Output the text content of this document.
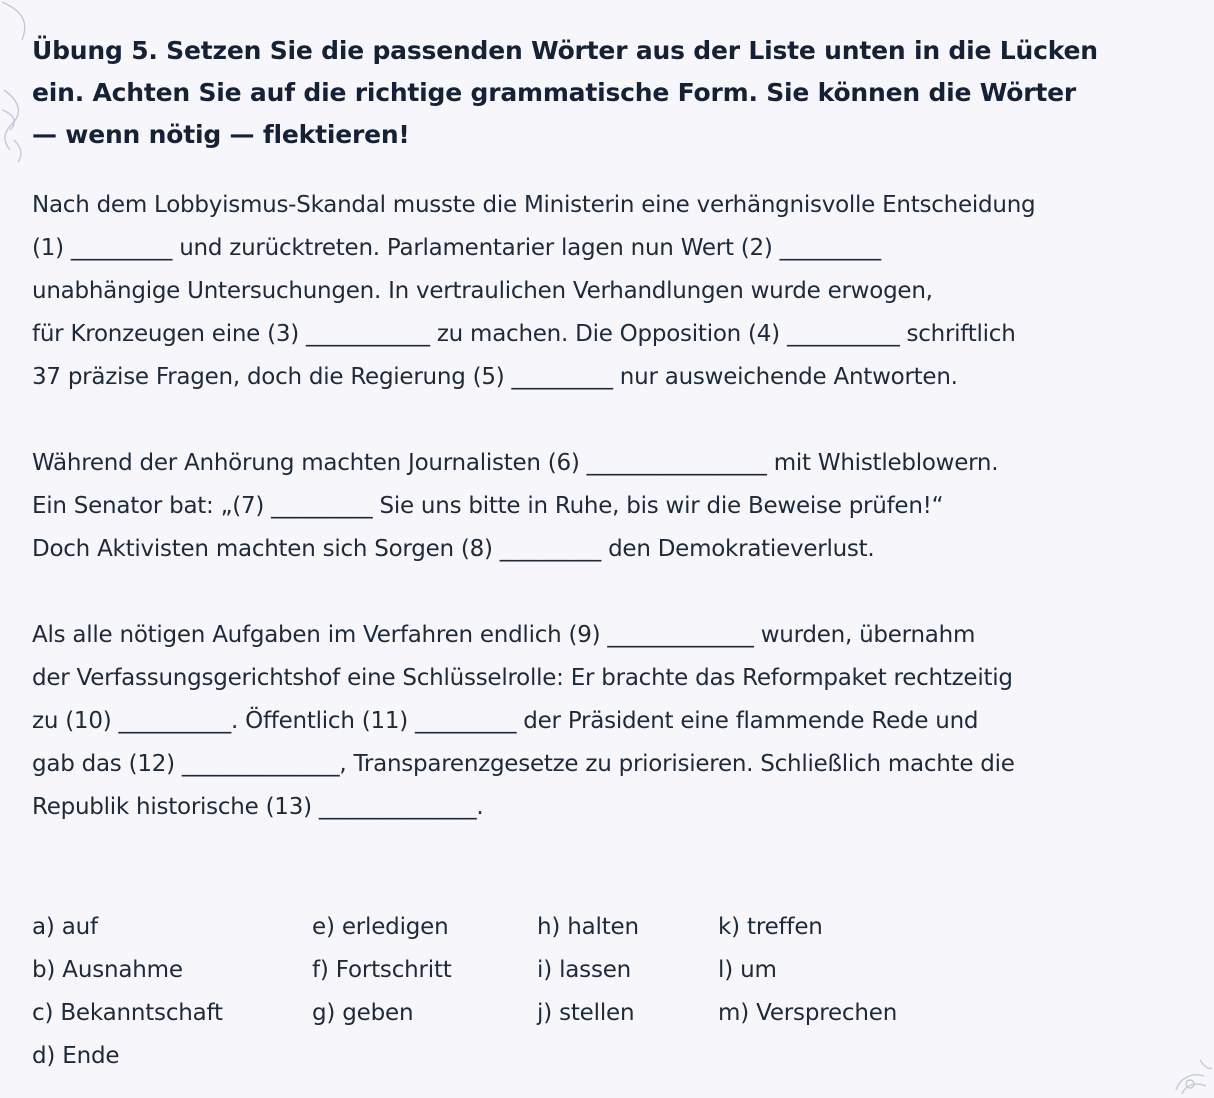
Übung 5. Setzen Sie die passenden Wörter aus der Liste unten in die Lücken
ein. Achten Sie auf die richtige grammatische Form. Sie können die Wörter
— wenn nötig — flektieren!
Nach dem Lobbyismus-Skandal musste die Ministerin eine verhängnisvolle Entscheidung
(1) _________ und zurücktreten. Parlamentarier lagen nun Wert (2) _________
unabhängige Untersuchungen. In vertraulichen Verhandlungen wurde erwogen,
für Kronzeugen eine (3) ___________ zu machen. Die Opposition (4) __________ schriftlich
37 präzise Fragen, doch die Regierung (5) _________ nur ausweichende Antworten.
Während der Anhörung machten Journalisten (6) ________________ mit Whistleblowern.
Ein Senator bat: „(7) _________ Sie uns bitte in Ruhe, bis wir die Beweise prüfen!“
Doch Aktivisten machten sich Sorgen (8) _________ den Demokratieverlust.
Als alle nötigen Aufgaben im Verfahren endlich (9) _____________ wurden, übernahm
der Verfassungsgerichtshof eine Schlüsselrolle: Er brachte das Reformpaket rechtzeitig
zu (10) __________. Öffentlich (11) _________ der Präsident eine flammende Rede und
gab das (12) ______________, Transparenzgesetze zu priorisieren. Schließlich machte die
Republik historische (13) ______________.
a) auf	e) erledigen	h) halten	k) treffen
b) Ausnahme	f) Fortschritt	i) lassen	l) um
c) Bekanntschaft	g) geben	j) stellen	m) Versprechen
d) Ende
